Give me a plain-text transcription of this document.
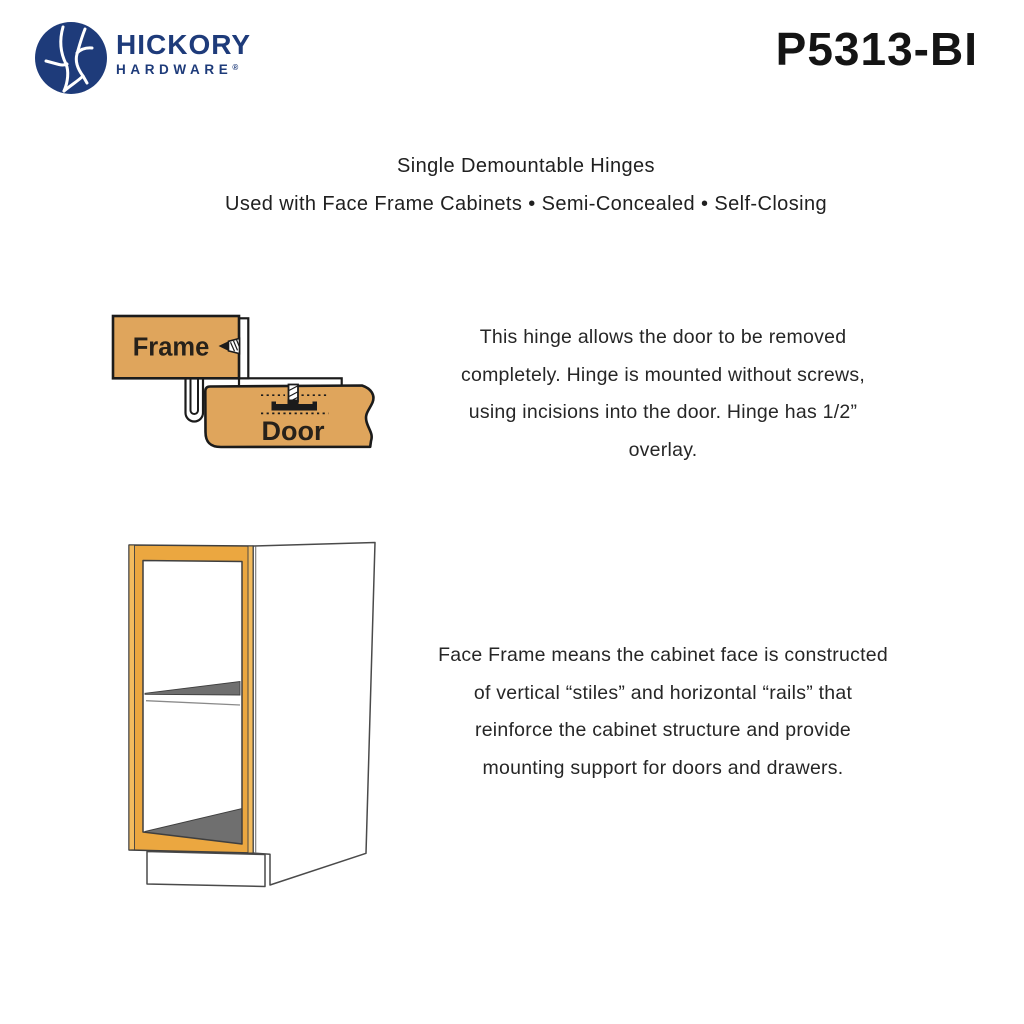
HICKORY
HARDWARE®	P5313-BI
Single Demountable Hinges
Used with Face Frame Cabinets • Semi-Concealed • Self-Closing
Frame
Door
This hinge allows the door to be removed
completely. Hinge is mounted without screws,
using incisions into the door. Hinge has 1/2”
overlay.
Face Frame means the cabinet face is constructed
of vertical “stiles” and horizontal “rails” that
reinforce the cabinet structure and provide
mounting support for doors and drawers.
